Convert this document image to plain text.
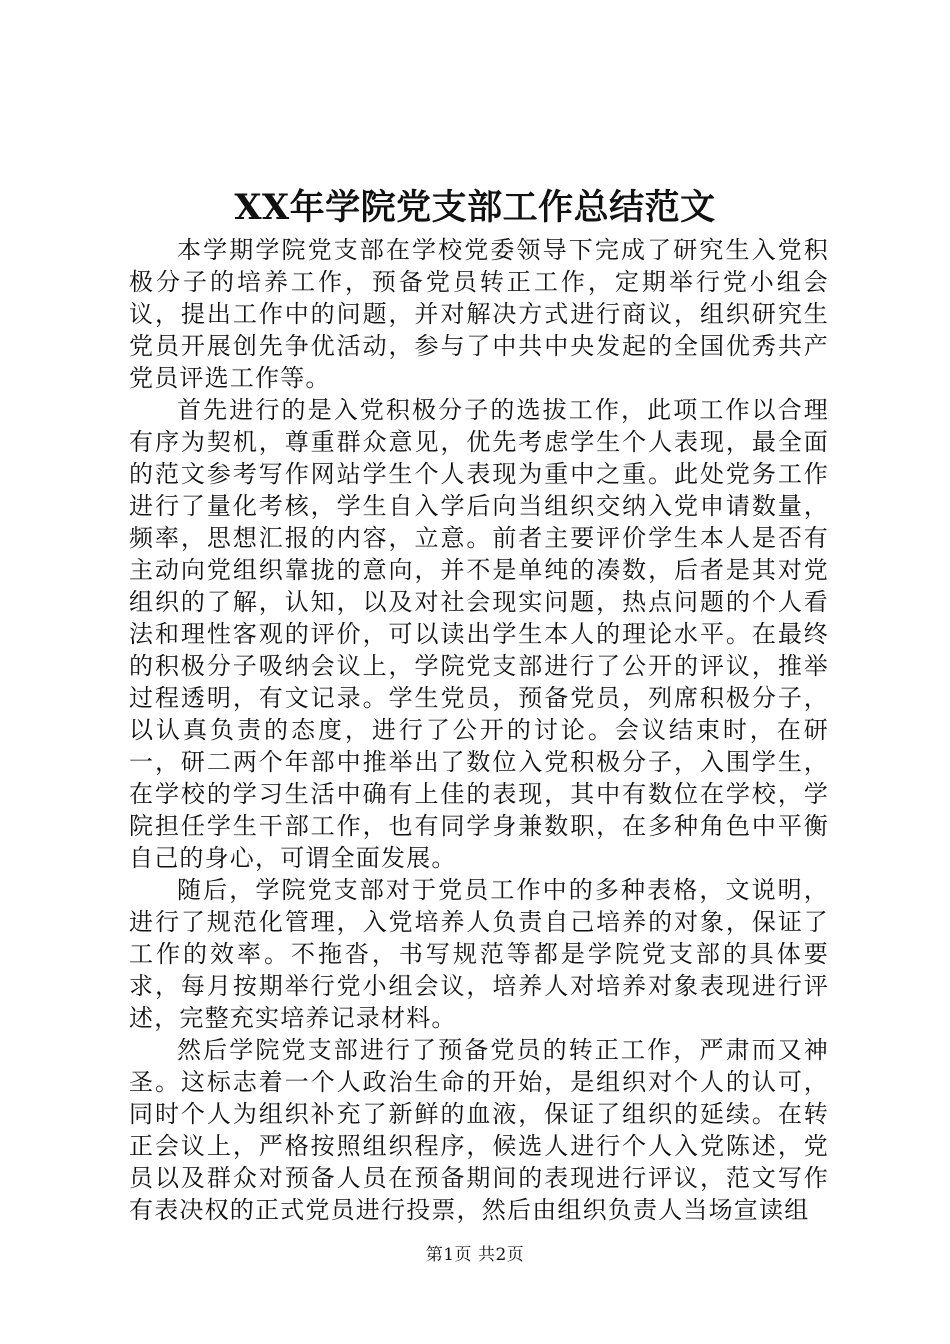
XX年学院党支部工作总结范文

本学期学院党支部在学校党委领导下完成了研究生入党积极分子的培养工作，预备党员转正工作，定期举行党小组会议，提出工作中的问题，并对解决方式进行商议，组织研究生党员开展创先争优活动，参与了中共中央发起的全国优秀共产党员评选工作等。

首先进行的是入党积极分子的选拔工作，此项工作以合理有序为契机，尊重群众意见，优先考虑学生个人表现，最全面的范文参考写作网站学生个人表现为重中之重。此处党务工作进行了量化考核，学生自入学后向当组织交纳入党申请数量，频率，思想汇报的内容，立意。前者主要评价学生本人是否有主动向党组织靠拢的意向，并不是单纯的凑数，后者是其对党组织的了解，认知，以及对社会现实问题，热点问题的个人看法和理性客观的评价，可以读出学生本人的理论水平。在最终的积极分子吸纳会议上，学院党支部进行了公开的评议，推举过程透明，有文记录。学生党员，预备党员，列席积极分子，以认真负责的态度，进行了公开的讨论。会议结束时，在研一，研二两个年部中推举出了数位入党积极分子，入围学生，在学校的学习生活中确有上佳的表现，其中有数位在学校，学院担任学生干部工作，也有同学身兼数职，在多种角色中平衡自己的身心，可谓全面发展。

随后，学院党支部对于党员工作中的多种表格，文说明，进行了规范化管理，入党培养人负责自己培养的对象，保证了工作的效率。不拖沓，书写规范等都是学院党支部的具体要求，每月按期举行党小组会议，培养人对培养对象表现进行评述，完整充实培养记录材料。

然后学院党支部进行了预备党员的转正工作，严肃而又神圣。这标志着一个人政治生命的开始，是组织对个人的认可，同时个人为组织补充了新鲜的血液，保证了组织的延续。在转正会议上，严格按照组织程序，候选人进行个人入党陈述，党员以及群众对预备人员在预备期间的表现进行评议，范文写作有表决权的正式党员进行投票，然后由组织负责人当场宣读组

第1页 共2页
